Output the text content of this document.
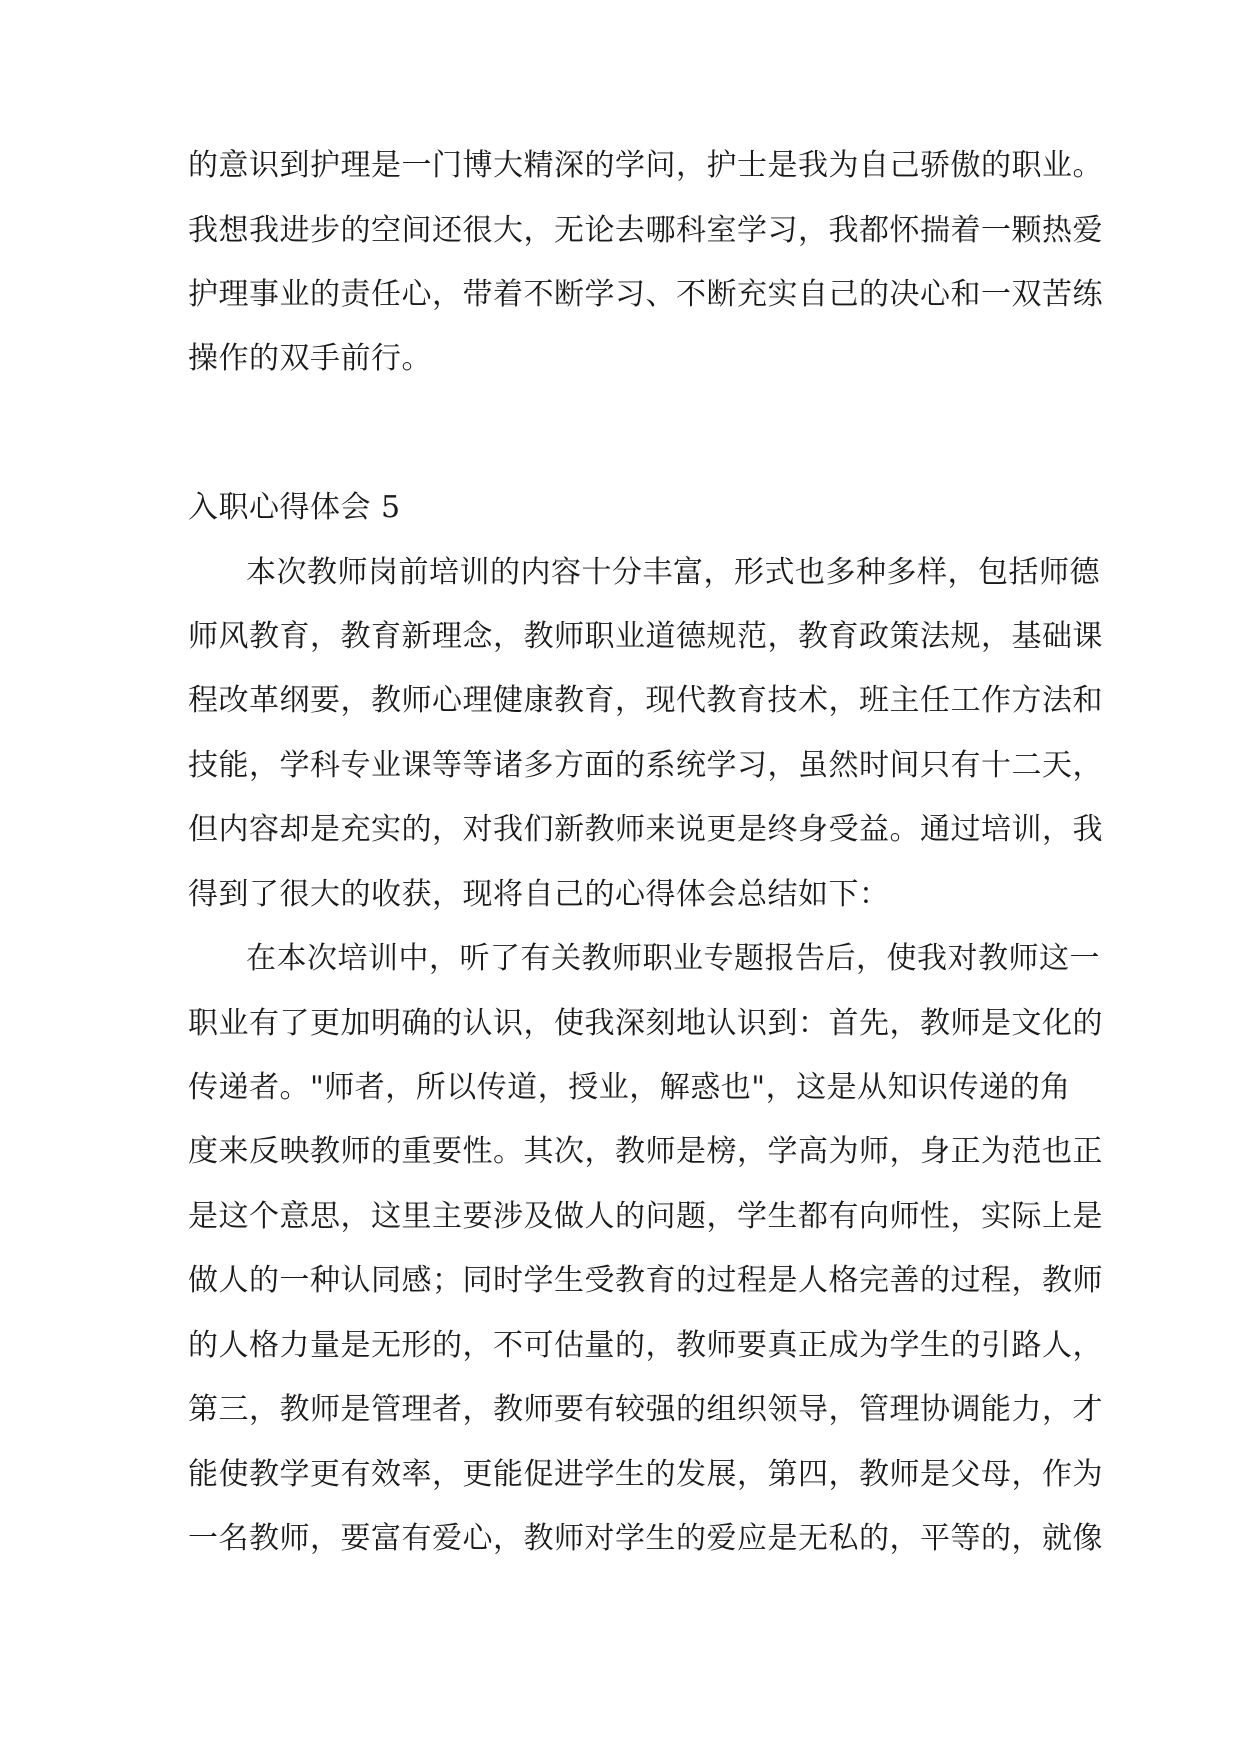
的意识到护理是一门博大精深的学问，护士是我为自己骄傲的职业。
我想我进步的空间还很大，无论去哪科室学习，我都怀揣着一颗热爱
护理事业的责任心，带着不断学习、不断充实自己的决心和一双苦练
操作的双手前行。
入职心得体会 5
本次教师岗前培训的内容十分丰富，形式也多种多样，包括师德
师风教育，教育新理念，教师职业道德规范，教育政策法规，基础课
程改革纲要，教师心理健康教育，现代教育技术，班主任工作方法和
技能，学科专业课等等诸多方面的系统学习，虽然时间只有十二天，
但内容却是充实的，对我们新教师来说更是终身受益。通过培训，我
得到了很大的收获，现将自己的心得体会总结如下：
在本次培训中，听了有关教师职业专题报告后，使我对教师这一
职业有了更加明确的认识，使我深刻地认识到：首先，教师是文化的
传递者。"师者，所以传道，授业，解惑也"，这是从知识传递的角
度来反映教师的重要性。其次，教师是榜，学高为师，身正为范也正
是这个意思，这里主要涉及做人的问题，学生都有向师性，实际上是
做人的一种认同感；同时学生受教育的过程是人格完善的过程，教师
的人格力量是无形的，不可估量的，教师要真正成为学生的引路人，
第三，教师是管理者，教师要有较强的组织领导，管理协调能力，才
能使教学更有效率，更能促进学生的发展，第四，教师是父母，作为
一名教师，要富有爱心，教师对学生的爱应是无私的，平等的，就像
